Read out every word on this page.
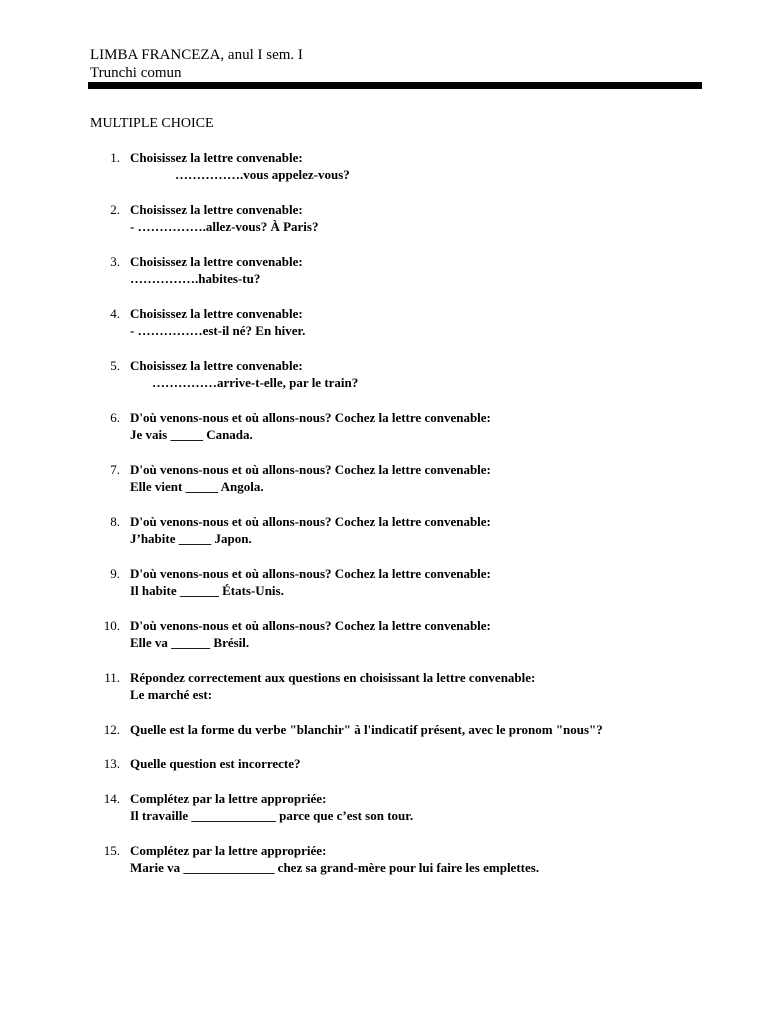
LIMBA FRANCEZA, anul I sem. I
Trunchi comun
MULTIPLE CHOICE
1. Choisissez la lettre convenable:
…………….vous appelez-vous?
2. Choisissez la lettre convenable:
- …………….allez-vous? À Paris?
3. Choisissez la lettre convenable:
…………….habites-tu?
4. Choisissez la lettre convenable:
- ……………est-il né? En hiver.
5. Choisissez la lettre convenable:
……………arrive-t-elle, par le train?
6. D'où venons-nous et où allons-nous? Cochez la lettre convenable:
Je vais _____ Canada.
7. D'où venons-nous et où allons-nous? Cochez la lettre convenable:
Elle vient _____ Angola.
8. D'où venons-nous et où allons-nous? Cochez la lettre convenable:
J’habite _____ Japon.
9. D'où venons-nous et où allons-nous? Cochez la lettre convenable:
Il habite ______ États-Unis.
10. D'où venons-nous et où allons-nous? Cochez la lettre convenable:
Elle va ______ Brésil.
11. Répondez correctement aux questions en choisissant la lettre convenable:
Le marché est:
12. Quelle est la forme du verbe "blanchir" à l'indicatif présent, avec le pronom "nous"?
13. Quelle question est incorrecte?
14. Complétez par la lettre appropriée:
Il travaille _____________ parce que c’est son tour.
15. Complétez par la lettre appropriée:
Marie va ______________ chez sa grand-mère pour lui faire les emplettes.
